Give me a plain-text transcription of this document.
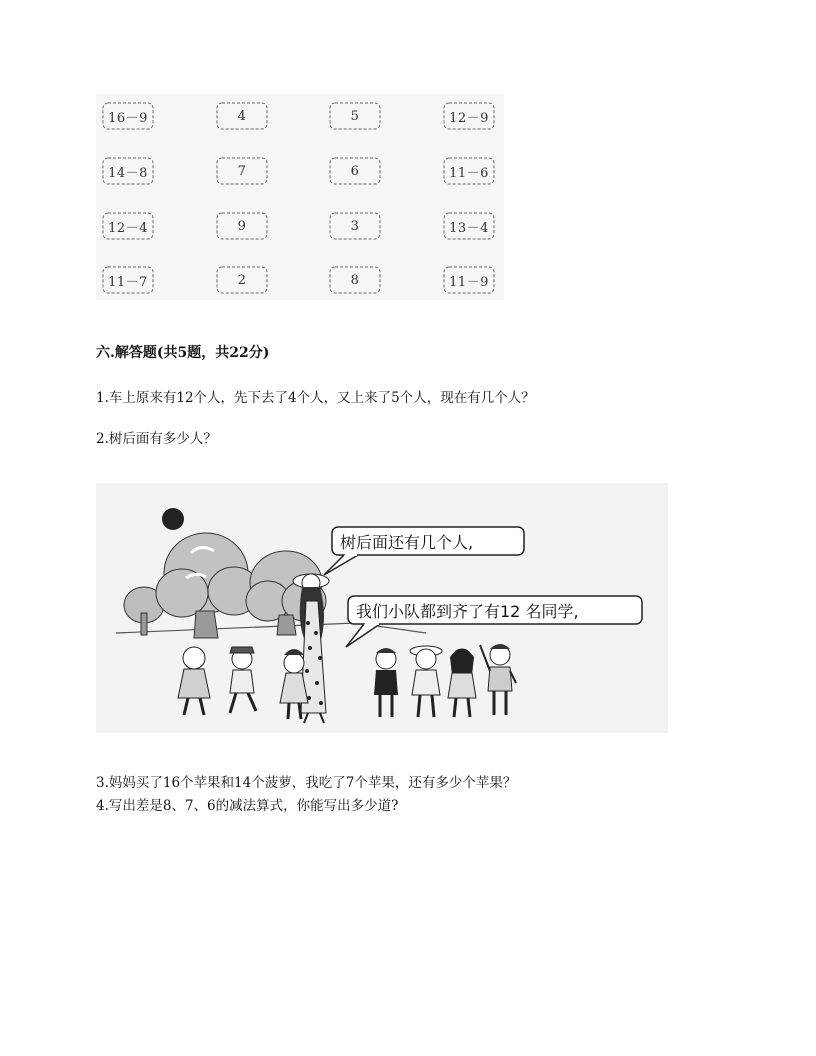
16－9	4	5	12－9
14－8	7	6	11－6
12－4	9	3	13－4
11－7	2	8	11－9
六.解答题(共5题，共22分)
1.车上原来有12个人，先下去了4个人，又上来了5个人，现在有几个人？
2.树后面有多少人？
树后面还有几个人,
我们小队都到齐了有12 名同学,
3.妈妈买了16个苹果和14个菠萝，我吃了7个苹果，还有多少个苹果？
4.写出差是8、7、6的减法算式，你能写出多少道?
